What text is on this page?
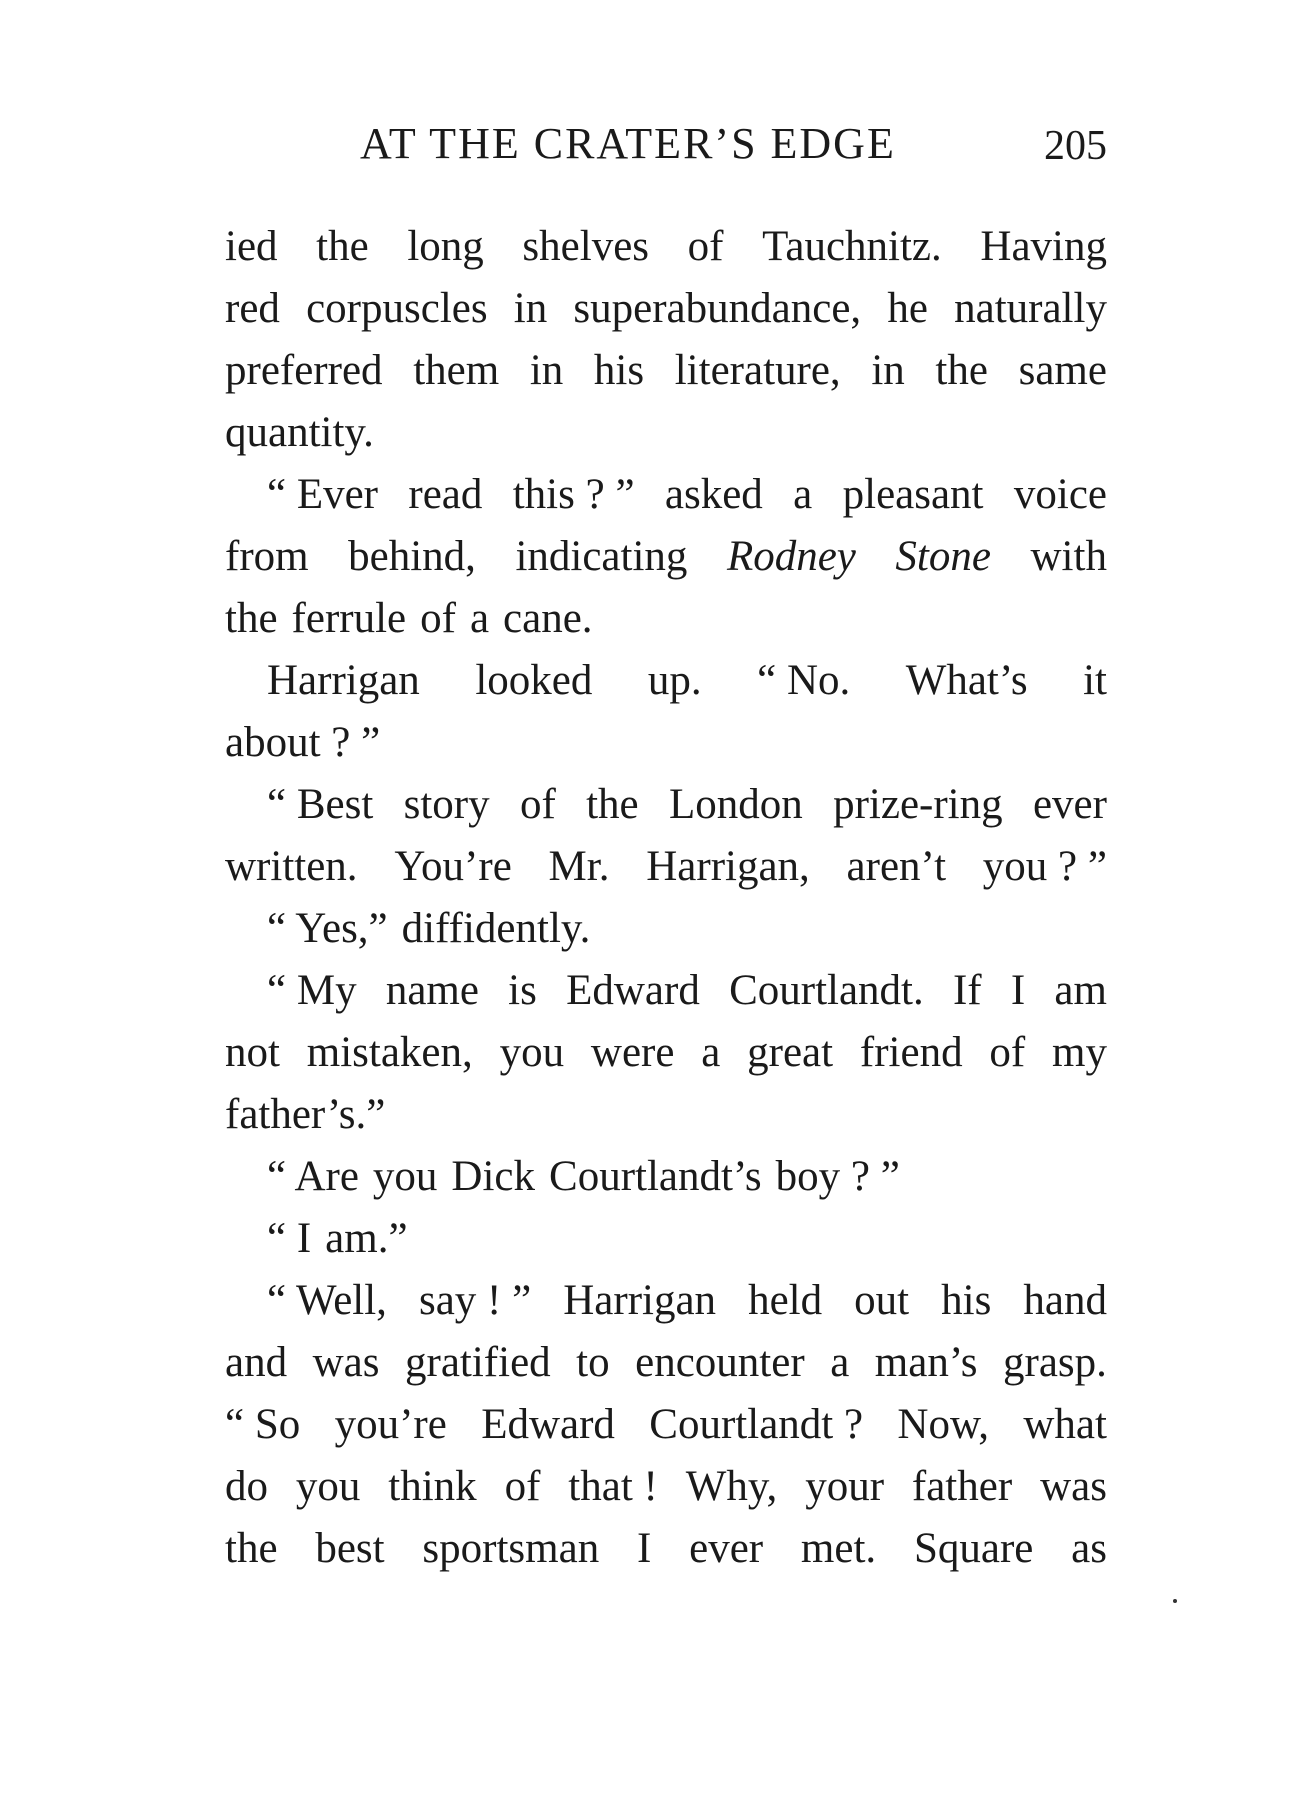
AT THE CRATER’S EDGE	205
ied the long shelves of Tauchnitz. Having
red corpuscles in superabundance, he naturally
preferred them in his literature, in the same
quantity.
“ Ever read this ? ” asked a pleasant voice
from behind, indicating Rodney Stone with
the ferrule of a cane.
Harrigan looked up. “ No. What’s it
about ? ”
“ Best story of the London prize-ring ever
written. You’re Mr. Harrigan, aren’t you ? ”
“ Yes,” diffidently.
“ My name is Edward Courtlandt. If I am
not mistaken, you were a great friend of my
father’s.”
“ Are you Dick Courtlandt’s boy ? ”
“ I am.”
“ Well, say ! ” Harrigan held out his hand
and was gratified to encounter a man’s grasp.
“ So you’re Edward Courtlandt ? Now, what
do you think of that ! Why, your father was
the best sportsman I ever met. Square as
